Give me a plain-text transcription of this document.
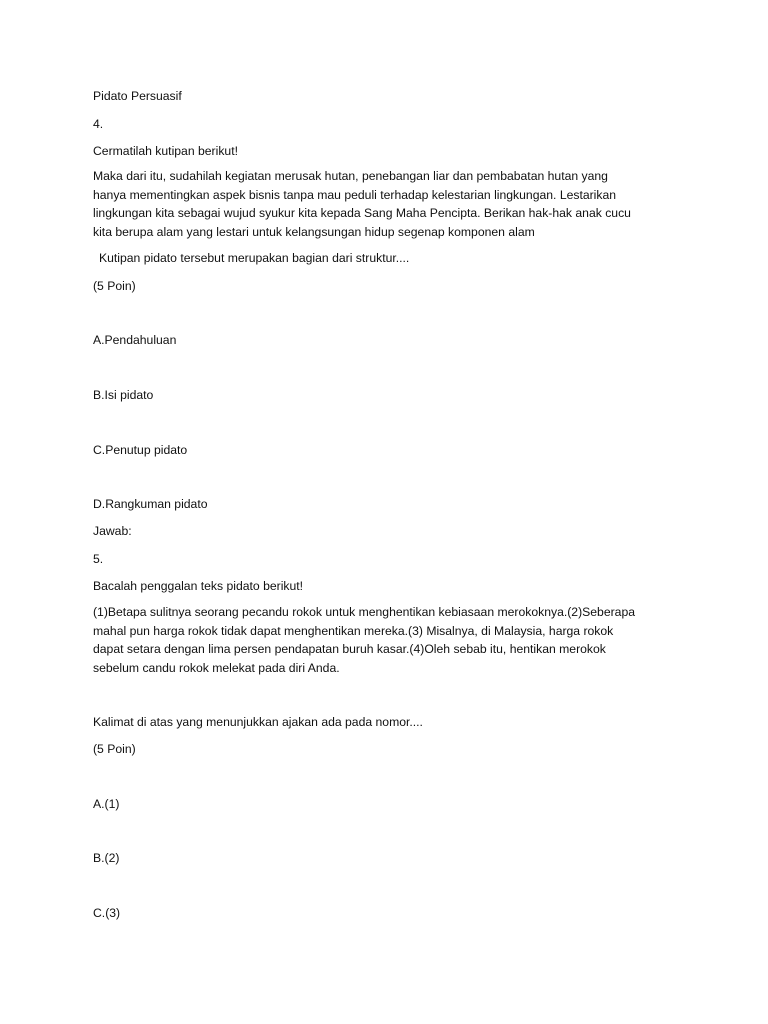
Pidato Persuasif

4.

Cermatilah kutipan berikut!

Maka dari itu, sudahilah kegiatan merusak hutan, penebangan liar dan pembabatan hutan yang
hanya mementingkan aspek bisnis tanpa mau peduli terhadap kelestarian lingkungan. Lestarikan
lingkungan kita sebagai wujud syukur kita kepada Sang Maha Pencipta. Berikan hak-hak anak cucu
kita berupa alam yang lestari untuk kelangsungan hidup segenap komponen alam

Kutipan pidato tersebut merupakan bagian dari struktur....

(5 Poin)

A.Pendahuluan

B.Isi pidato

C.Penutup pidato

D.Rangkuman pidato

Jawab:

5.

Bacalah penggalan teks pidato berikut!

(1)Betapa sulitnya seorang pecandu rokok untuk menghentikan kebiasaan merokoknya.(2)Seberapa
mahal pun harga rokok tidak dapat menghentikan mereka.(3) Misalnya, di Malaysia, harga rokok
dapat setara dengan lima persen pendapatan buruh kasar.(4)Oleh sebab itu, hentikan merokok
sebelum candu rokok melekat pada diri Anda.

Kalimat di atas yang menunjukkan ajakan ada pada nomor....

(5 Poin)

A.(1)

B.(2)

C.(3)
